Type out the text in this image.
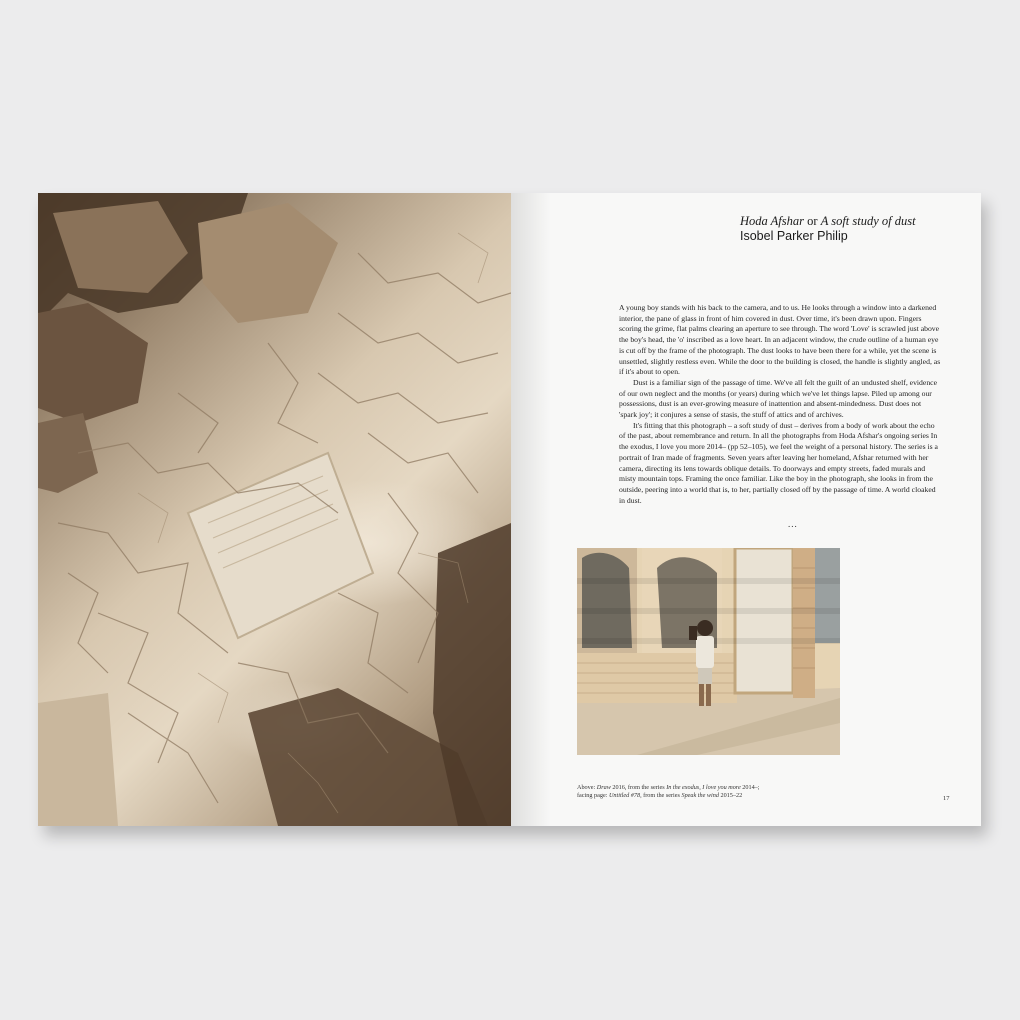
Hoda Afshar or A soft study of dust

Isobel Parker Philip

A young boy stands with his back to the camera, and to us. He looks through a window into a darkened interior, the pane of glass in front of him covered in dust. Over time, it's been drawn upon. Fingers scoring the grime, flat palms clearing an aperture to see through. The word 'Love' is scrawled just above the boy's head, the 'o' inscribed as a love heart. In an adjacent window, the crude outline of a human eye is cut off by the frame of the photograph. The dust looks to have been there for a while, yet the scene is unsettled, slightly restless even. While the door to the building is closed, the handle is slightly angled, as if it's about to open.

Dust is a familiar sign of the passage of time. We've all felt the guilt of an undusted shelf, evidence of our own neglect and the months (or years) during which we've let things lapse. Piled up among our possessions, dust is an ever-growing measure of inattention and absent-mindedness. Dust does not 'spark joy'; it conjures a sense of stasis, the stuff of attics and of archives.

It's fitting that this photograph – a soft study of dust – derives from a body of work about the echo of the past, about remembrance and return. In all the photographs from Hoda Afshar's ongoing series In the exodus, I love you more 2014– (pp 52–105), we feel the weight of a personal history. The series is a portrait of Iran made of fragments. Seven years after leaving her homeland, Afshar returned with her camera, directing its lens towards oblique details. To doorways and empty streets, faded murals and misty mountain tops. Framing the once familiar. Like the boy in the photograph, she looks in from the outside, peering into a world that is, to her, partially closed off by the passage of time. A world cloaked in dust.

...
Above: Draw 2016, from the series In the exodus, I love you more 2014–;
facing page: Untitled #78, from the series Speak the wind 2015–22	17
